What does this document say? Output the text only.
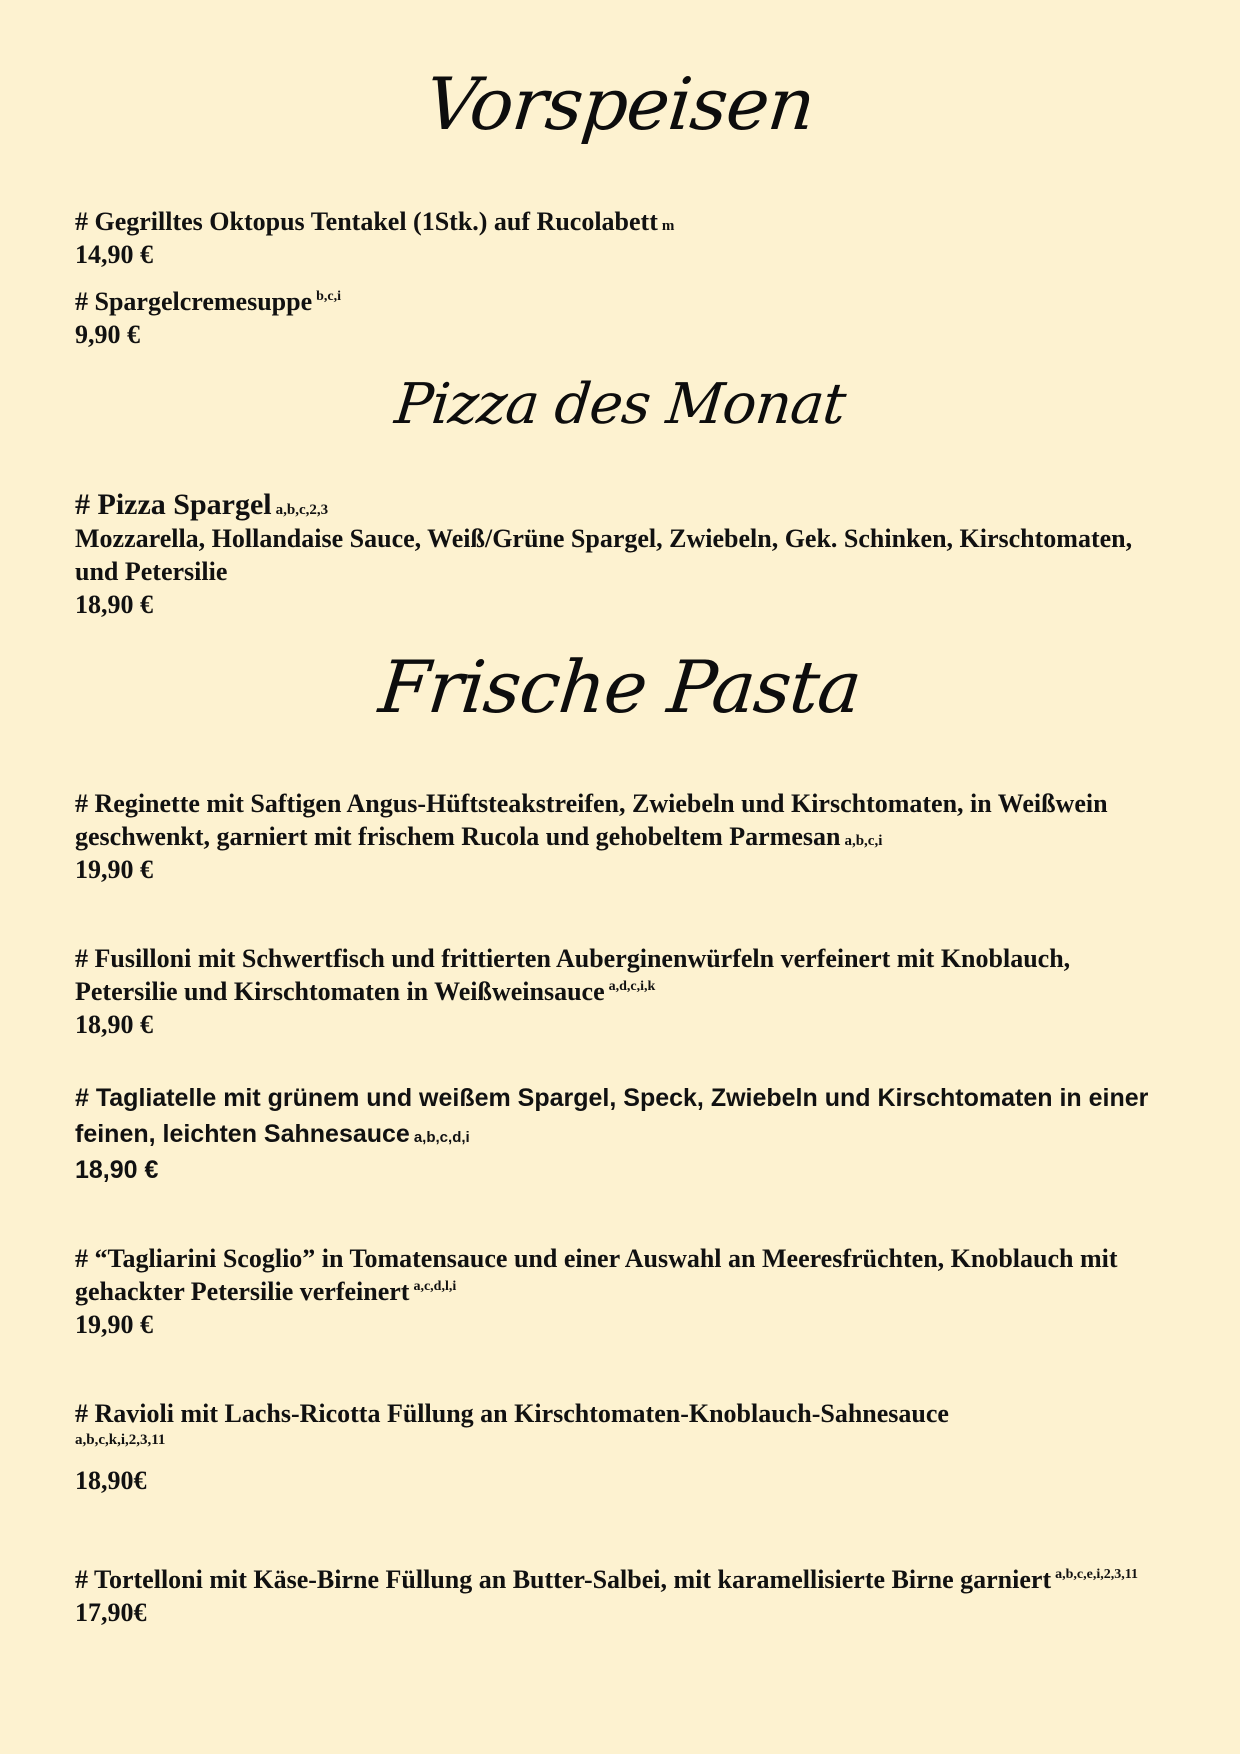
Vorspeisen
# Gegrilltes Oktopus Tentakel (1Stk.) auf Rucolabett m
14,90 €
# Spargelcremesuppe $^{b,c,i}$
9,90 €
Pizza des Monat
# Pizza Spargel a,b,c,2,3
Mozzarella, Hollandaise Sauce, Weiß/Grüne Spargel, Zwiebeln, Gek. Schinken, Kirschtomaten, und Petersilie
18,90 €
Frische Pasta
# Reginette mit Saftigen Angus-Hüftsteakstreifen, Zwiebeln und Kirschtomaten, in Weißwein geschwenkt, garniert mit frischem Rucola und gehobeltem Parmesan a,b,c,i
19,90 €
# Fusilloni mit Schwertfisch und frittierten Auberginenwürfeln verfeinert mit Knoblauch, Petersilie und Kirschtomaten in Weißweinsauce $^{a,d,c,i,k}$
18,90 €
# Tagliatelle mit grünem und weißem Spargel, Speck, Zwiebeln und Kirschtomaten in einer feinen, leichten Sahnesauce a,b,c,d,i
18,90 €
# “Tagliarini Scoglio” in Tomatensauce und einer Auswahl an Meeresfrüchten, Knoblauch mit gehackter Petersilie verfeinert $^{a,c,d,l,i}$
19,90 €
# Ravioli mit Lachs-Ricotta Füllung an Kirschtomaten-Knoblauch-Sahnesauce
a,b,c,k,i,2,3,11
18,90€
# Tortelloni mit Käse-Birne Füllung an Butter-Salbei, mit karamellisierte Birne garniert $^{a,b,c,e,i,2,3,11}$
17,90€
